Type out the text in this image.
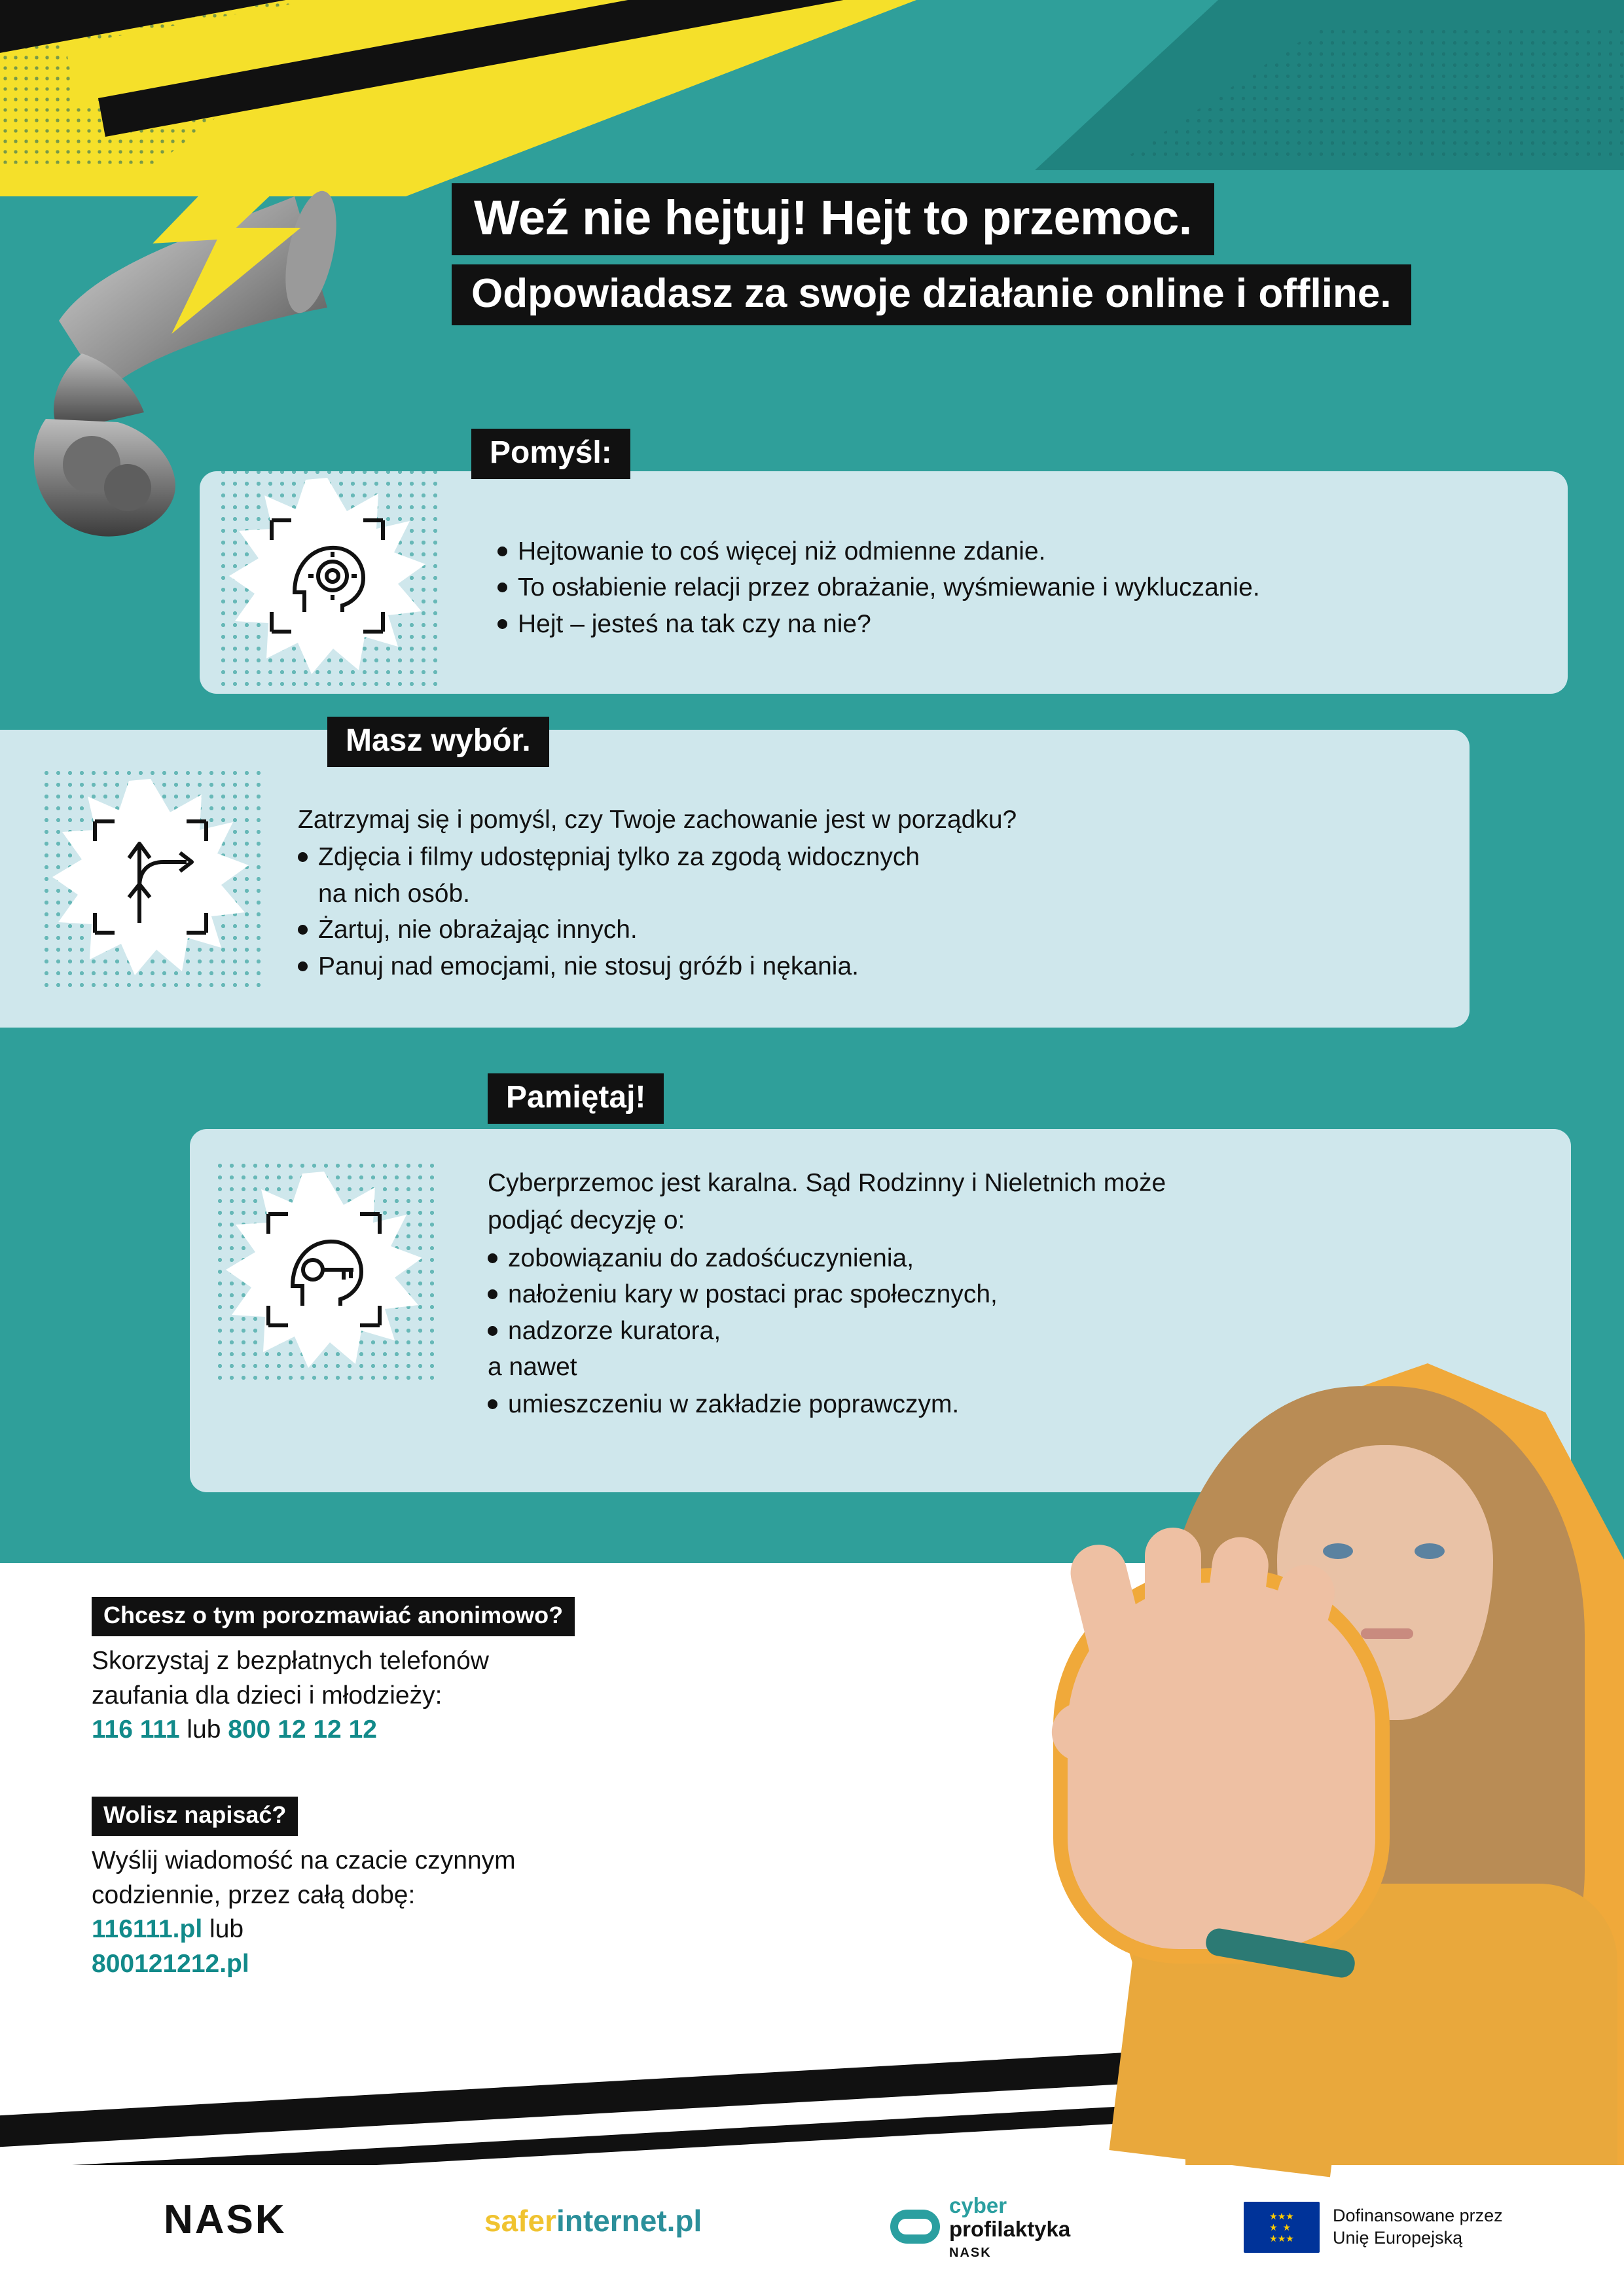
Weź nie hejtuj! Hejt to przemoc.
Odpowiadasz za swoje działanie online i offline.
Pomyśl:
Hejtowanie to coś więcej niż odmienne zdanie.
To osłabienie relacji przez obrażanie, wyśmiewanie i wykluczanie.
Hejt – jesteś na tak czy na nie?
Masz wybór.
Zatrzymaj się i pomyśl, czy Twoje zachowanie jest w porządku?
Zdjęcia i filmy udostępniaj tylko za zgodą widocznych
na nich osób.
Żartuj, nie obrażając innych.
Panuj nad emocjami, nie stosuj gróźb i nękania.
Pamiętaj!
Cyberprzemoc jest karalna. Sąd Rodzinny i Nieletnich może
podjąć decyzję o:
zobowiązaniu do zadośćuczynienia,
nałożeniu kary w postaci prac społecznych,
nadzorze kuratora,
a nawet
umieszczeniu w zakładzie poprawczym.
Chcesz o tym porozmawiać anonimowo?
Skorzystaj z bezpłatnych telefonów
zaufania dla dzieci i młodzieży:
116 111 lub 800 12 12 12
Wolisz napisać?
Wyślij wiadomość na czacie czynnym
codziennie, przez całą dobę:
116111.pl lub
800121212.pl
NASK	saferinternet.pl	cyber
profilaktyka
NASK
★★★
★  ★
★★★
Dofinansowane przez
Unię Europejską
